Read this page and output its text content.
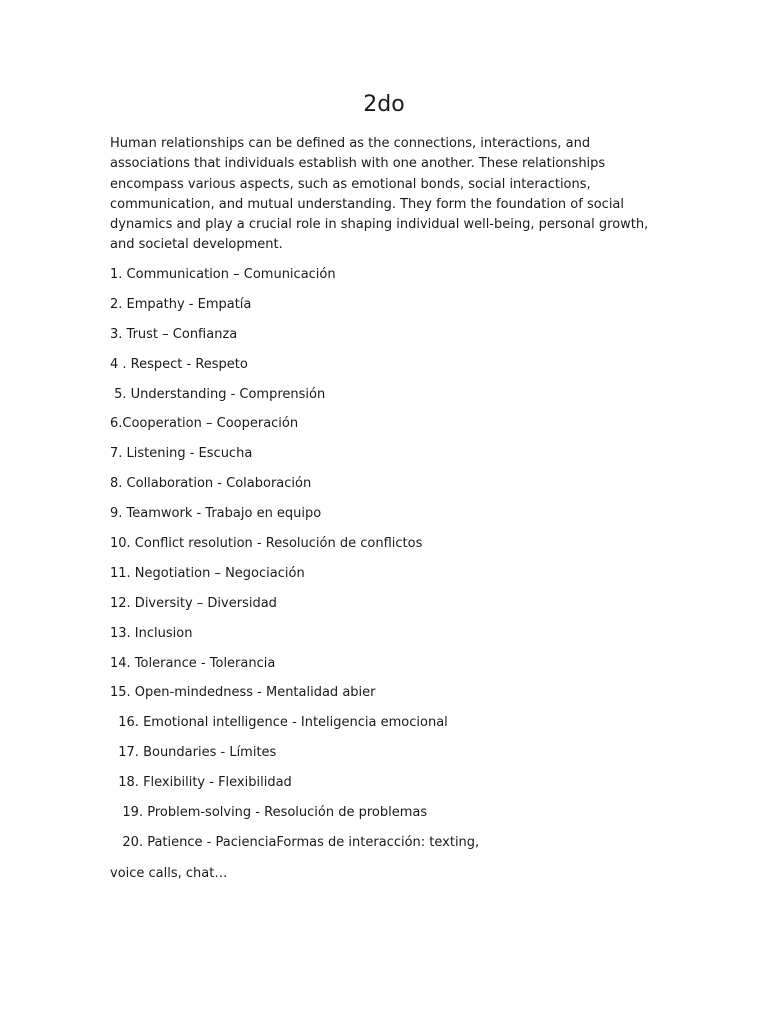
2do

Human relationships can be defined as the connections, interactions, and associations that individuals establish with one another. These relationships encompass various aspects, such as emotional bonds, social interactions, communication, and mutual understanding. They form the foundation of social dynamics and play a crucial role in shaping individual well-being, personal growth, and societal development.

1. Communication – Comunicación
2. Empathy - Empatía
3. Trust – Confianza
4 . Respect - Respeto
5. Understanding - Comprensión
6.Cooperation – Cooperación
7. Listening - Escucha
8. Collaboration - Colaboración
9. Teamwork - Trabajo en equipo
10. Conflict resolution - Resolución de conflictos
11. Negotiation – Negociación
12. Diversity – Diversidad
13. Inclusion
14. Tolerance - Tolerancia
15. Open-mindedness - Mentalidad abier
16. Emotional intelligence - Inteligencia emocional
17. Boundaries - Límites
18. Flexibility - Flexibilidad
19. Problem-solving - Resolución de problemas
20. Patience - PacienciaFormas de interacción: texting,

voice calls, chat…
